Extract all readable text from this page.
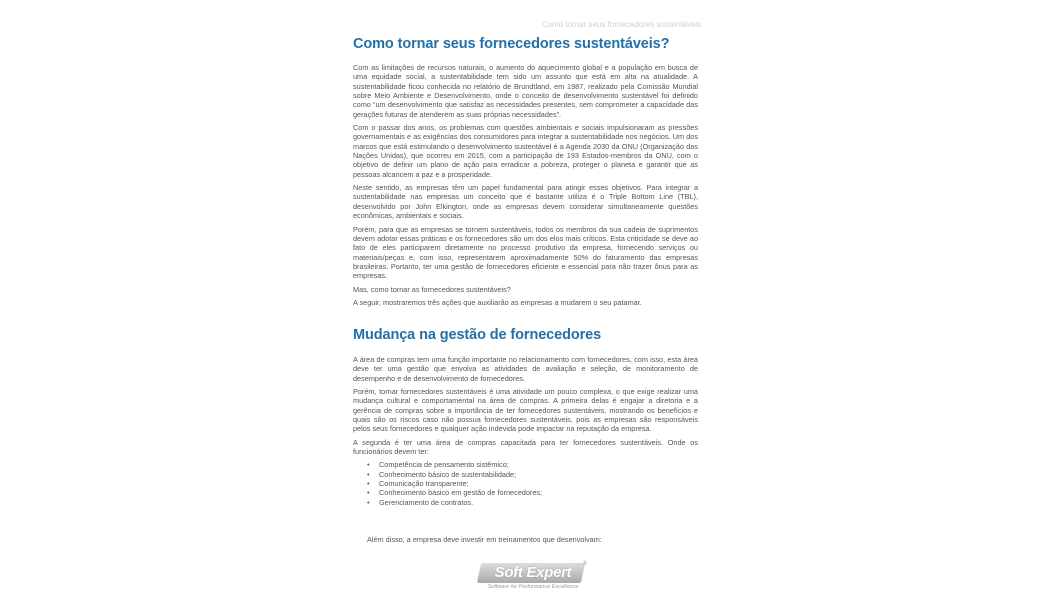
Como tornar seus fornecedores sustentáveis
Como tornar seus fornecedores sustentáveis?

Com as limitações de recursos naturais, o aumento do aquecimento global e a população em busca de uma equidade social, a sustentabilidade tem sido um assunto que está em alta na atualidade. A sustentabilidade ficou conhecida no relatório de Brundtland, em 1987, realizado pela Comissão Mundial sobre Meio Ambiente e Desenvolvimento, onde o conceito de desenvolvimento sustentável foi definido como “um desenvolvimento que satisfaz as necessidades presentes, sem comprometer a capacidade das gerações futuras de atenderem as suas próprias necessidades”.

Com o passar dos anos, os problemas com questões ambientais e sociais impulsionaram as pressões governamentais e as exigências dos consumidores para integrar a sustentabilidade nos negócios. Um dos marcos que está estimulando o desenvolvimento sustentável é a Agenda 2030 da ONU (Organização das Nações Unidas), que ocorreu em 2015, com a participação de 193 Estados-membros da ONU, com o objetivo de definir um plano de ação para erradicar a pobreza, proteger o planeta e garantir que as pessoas alcancem a paz e a prosperidade.

Neste sentido, as empresas têm um papel fundamental para atingir esses objetivos. Para integrar a sustentabilidade nas empresas um conceito que é bastante utiliza é o Triple Bottom Line (TBL), desenvolvido por John Elkington, onde as empresas devem considerar simultaneamente questões econômicas, ambientais e sociais.

Porém, para que as empresas se tornem sustentáveis, todos os membros da sua cadeia de suprimentos devem adotar essas práticas e os fornecedores são um dos elos mais críticos. Esta criticidade se deve ao fato de eles participarem diretamente no processo produtivo da empresa, fornecendo serviços ou materiais/peças e, com isso, representarem aproximadamente 50% do faturamento das empresas brasileiras. Portanto, ter uma gestão de fornecedores eficiente e essencial para não trazer ônus para as empresas.

Mas, como tornar as fornecedores sustentáveis?

A seguir, mostraremos três ações que auxiliarão as empresas a mudarem o seu patamar.

Mudança na gestão de fornecedores

A área de compras tem uma função importante no relacionamento com fornecedores, com isso, esta área deve ter uma gestão que envolva as atividades de avaliação e seleção, de monitoramento de desempenho e de desenvolvimento de fornecedores.

Porém, tornar fornecedores sustentáveis é uma atividade um pouco complexa, o que exige realizar uma mudança cultural e comportamental na área de compras. A primeira delas é engajar a diretoria e a gerência de compras sobre a importância de ter fornecedores sustentáveis, mostrando os benefícios e quais são os riscos caso não possua fornecedores sustentáveis, pois as empresas são responsáveis pelos seus fornecedores e qualquer ação indevida pode impactar na reputação da empresa.

A segunda é ter uma área de compras capacitada para ter fornecedores sustentáveis. Onde os funcionários devem ter:

• Competência de pensamento sistêmico;
• Conhecimento básico de sustentabilidade;
• Comunicação transparente;
• Conhecimento básico em gestão de fornecedores;
• Gerenciamento de contratos.

Além disso, a empresa deve investir em treinamentos que desenvolvam:

Soft Expert	®
Software for Performance Excellence
